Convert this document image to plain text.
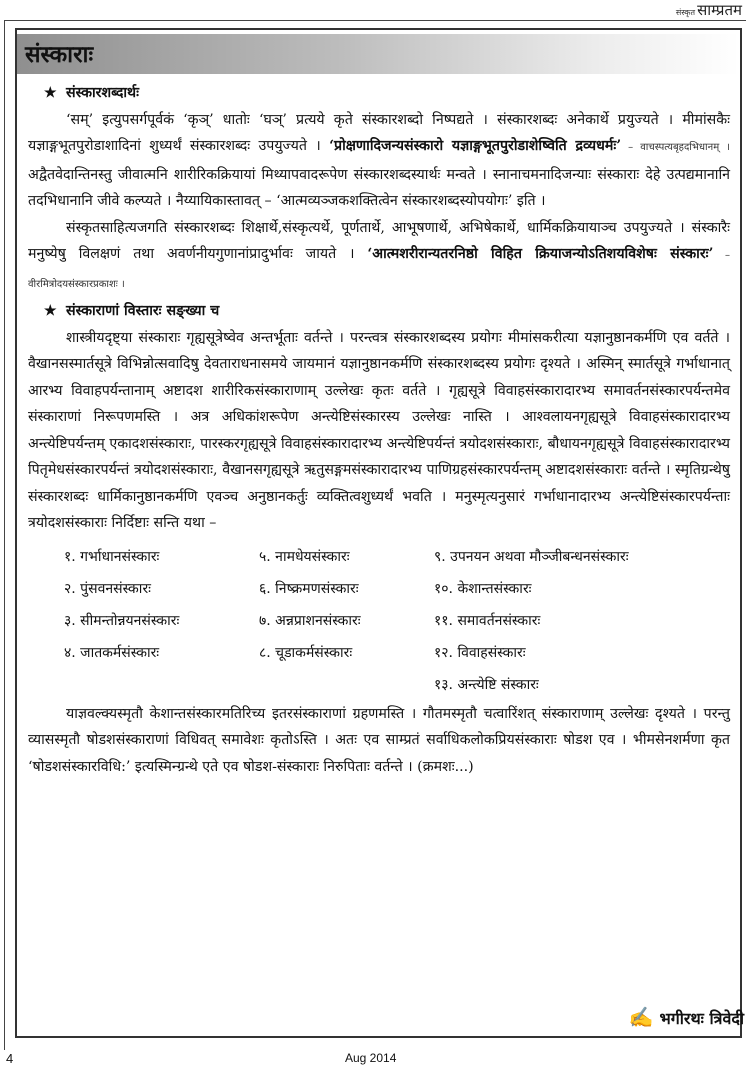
संस्कृत साम्प्रतम
संस्काराः
★ संस्कारशब्दार्थः

‘सम्’ इत्युपसर्गपूर्वकं ‘कृञ्’ धातोः ‘घञ्’ प्रत्यये कृते संस्कारशब्दो निष्पद्यते । संस्कारशब्दः अनेकार्थे प्रयुज्यते । मीमांसकैः यज्ञाङ्गभूतपुरोडाशादिनां शुध्यर्थं संस्कारशब्दः उपयुज्यते । ‘प्रोक्षणादिजन्यसंस्कारो यज्ञाङ्गभूतपुरोडाशेष्विति द्रव्यधर्मः’ – वाचस्पत्यबृहदभिधानम् । अद्वैतवेदान्तिनस्तु जीवात्मनि शारीरिकक्रियायां मिथ्यापवादरूपेण संस्कारशब्दस्यार्थः मन्वते । स्नानाचमनादिजन्याः संस्काराः देहे उत्पद्यमानानि तदभिधानानि जीवे कल्प्यते । नैय्यायिकास्तावत् – ‘आत्मव्यञ्जकशक्तित्वेन संस्कारशब्दस्योपयोगः’ इति ।

संस्कृतसाहित्यजगति संस्कारशब्दः शिक्षार्थे,संस्कृत्यर्थे, पूर्णतार्थे, आभूषणार्थे, अभिषेकार्थे, धार्मिकक्रियायाञ्च उपयुज्यते । संस्कारैः मनुष्येषु विलक्षणं तथा अवर्णनीयगुणानांप्रादुर्भावः जायते । ‘आत्मशरीरान्यतरनिष्ठो विहित क्रियाजन्योऽतिशयविशेषः संस्कारः’ – वीरमित्रोदयसंस्कारप्रकाशः ।

★ संस्काराणां विस्तारः सङ्ख्या च

शास्त्रीयदृष्ट्या संस्काराः गृह्यसूत्रेष्वेव अन्तर्भूताः वर्तन्ते । परन्त्वत्र संस्कारशब्दस्य प्रयोगः मीमांसकरीत्या यज्ञानुष्ठानकर्मणि एव वर्तते । वैखानसस्मार्तसूत्रे विभिन्नोत्सवादिषु देवताराधनासमये जायमानं यज्ञानुष्ठानकर्मणि संस्कारशब्दस्य प्रयोगः दृश्यते । अस्मिन् स्मार्तसूत्रे गर्भाधानात् आरभ्य विवाहपर्यन्तानाम् अष्टादश शारीरिकसंस्काराणाम् उल्लेखः कृतः वर्तते । गृह्यसूत्रे विवाहसंस्कारादारभ्य समावर्तनसंस्कारपर्यन्तमेव संस्काराणां निरूपणमस्ति । अत्र अधिकांशरूपेण अन्त्येष्टिसंस्कारस्य उल्लेखः नास्ति । आश्वलायनगृह्यसूत्रे विवाहसंस्कारादारभ्य अन्त्येष्टिपर्यन्तम् एकादशसंस्काराः, पारस्करगृह्यसूत्रे विवाहसंस्कारादारभ्य अन्त्येष्टिपर्यन्तं त्रयोदशसंस्काराः, बौधायनगृह्यसूत्रे विवाहसंस्कारादारभ्य पितृमेधसंस्कारपर्यन्तं त्रयोदशसंस्काराः, वैखानसगृह्यसूत्रे ऋतुसङ्गमसंस्कारादारभ्य पाणिग्रहसंस्कारपर्यन्तम् अष्टादशसंस्काराः वर्तन्ते । स्मृतिग्रन्थेषु संस्कारशब्दः धार्मिकानुष्ठानकर्मणि एवञ्च अनुष्ठानकर्तुः व्यक्तित्वशुध्यर्थं भवति । मनुस्मृत्यनुसारं गर्भाधानादारभ्य अन्त्येष्टिसंस्कारपर्यन्ताः त्रयोदशसंस्काराः निर्दिष्टाः सन्ति यथा –

१. गर्भाधानसंस्कारः	५. नामधेयसंस्कारः	९. उपनयन अथवा मौञ्जीबन्धनसंस्कारः
२. पुंसवनसंस्कारः	६. निष्क्रमणसंस्कारः	१०. केशान्तसंस्कारः
३. सीमन्तोन्नयनसंस्कारः	७. अन्नप्राशनसंस्कारः	११. समावर्तनसंस्कारः
४. जातकर्मसंस्कारः	८. चूडाकर्मसंस्कारः	१२. विवाहसंस्कारः
१३. अन्त्येष्टि संस्कारः

याज्ञवल्क्यस्मृतौ केशान्तसंस्कारमतिरिच्य इतरसंस्काराणां ग्रहणमस्ति । गौतमस्मृतौ चत्वारिंशत् संस्काराणाम् उल्लेखः दृश्यते । परन्तु व्यासस्मृतौ षोडशसंस्काराणां विधिवत् समावेशः कृतोऽस्ति । अतः एव साम्प्रतं सर्वाधिकलोकप्रियसंस्काराः षोडश एव । भीमसेनशर्मणा कृत ‘षोडशसंस्कारविधि:’ इत्यस्मिन्ग्रन्थे एते एव षोडश-संस्काराः निरुपिताः वर्तन्ते । (क्रमशः...)

✍ भगीरथः त्रिवेदी
4	Aug 2014
